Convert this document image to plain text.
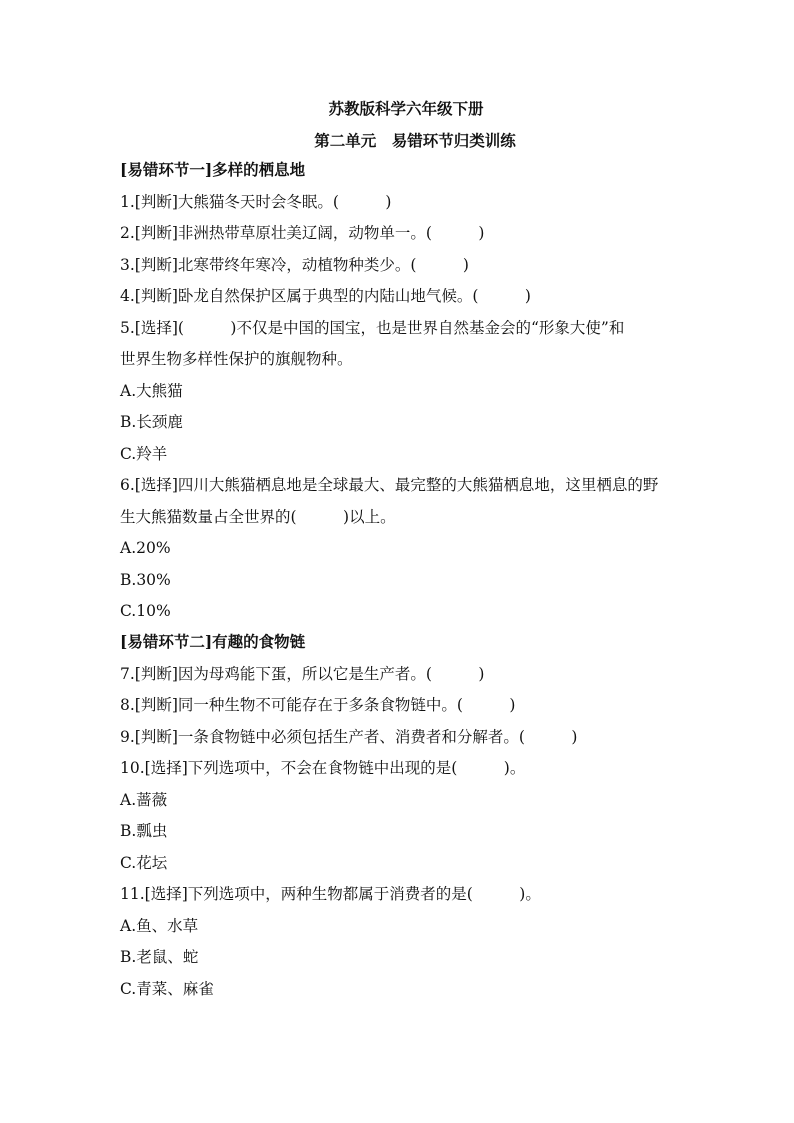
苏教版科学六年级下册
第二单元　易错环节归类训练
[易错环节一]多样的栖息地
1.[判断]大熊猫冬天时会冬眠。(　　　)
2.[判断]非洲热带草原壮美辽阔，动物单一。(　　　)
3.[判断]北寒带终年寒冷，动植物种类少。(　　　)
4.[判断]卧龙自然保护区属于典型的内陆山地气候。(　　　)
5.[选择](　　　)不仅是中国的国宝，也是世界自然基金会的“形象大使”和
世界生物多样性保护的旗舰物种。
A.大熊猫
B.长颈鹿
C.羚羊
6.[选择]四川大熊猫栖息地是全球最大、最完整的大熊猫栖息地，这里栖息的野
生大熊猫数量占全世界的(　　　)以上。
A.20%
B.30%
C.10%
[易错环节二]有趣的食物链
7.[判断]因为母鸡能下蛋，所以它是生产者。(　　　)
8.[判断]同一种生物不可能存在于多条食物链中。(　　　)
9.[判断]一条食物链中必须包括生产者、消费者和分解者。(　　　)
10.[选择]下列选项中，不会在食物链中出现的是(　　　)。
A.蔷薇
B.瓢虫
C.花坛
11.[选择]下列选项中，两种生物都属于消费者的是(　　　)。
A.鱼、水草
B.老鼠、蛇
C.青菜、麻雀
